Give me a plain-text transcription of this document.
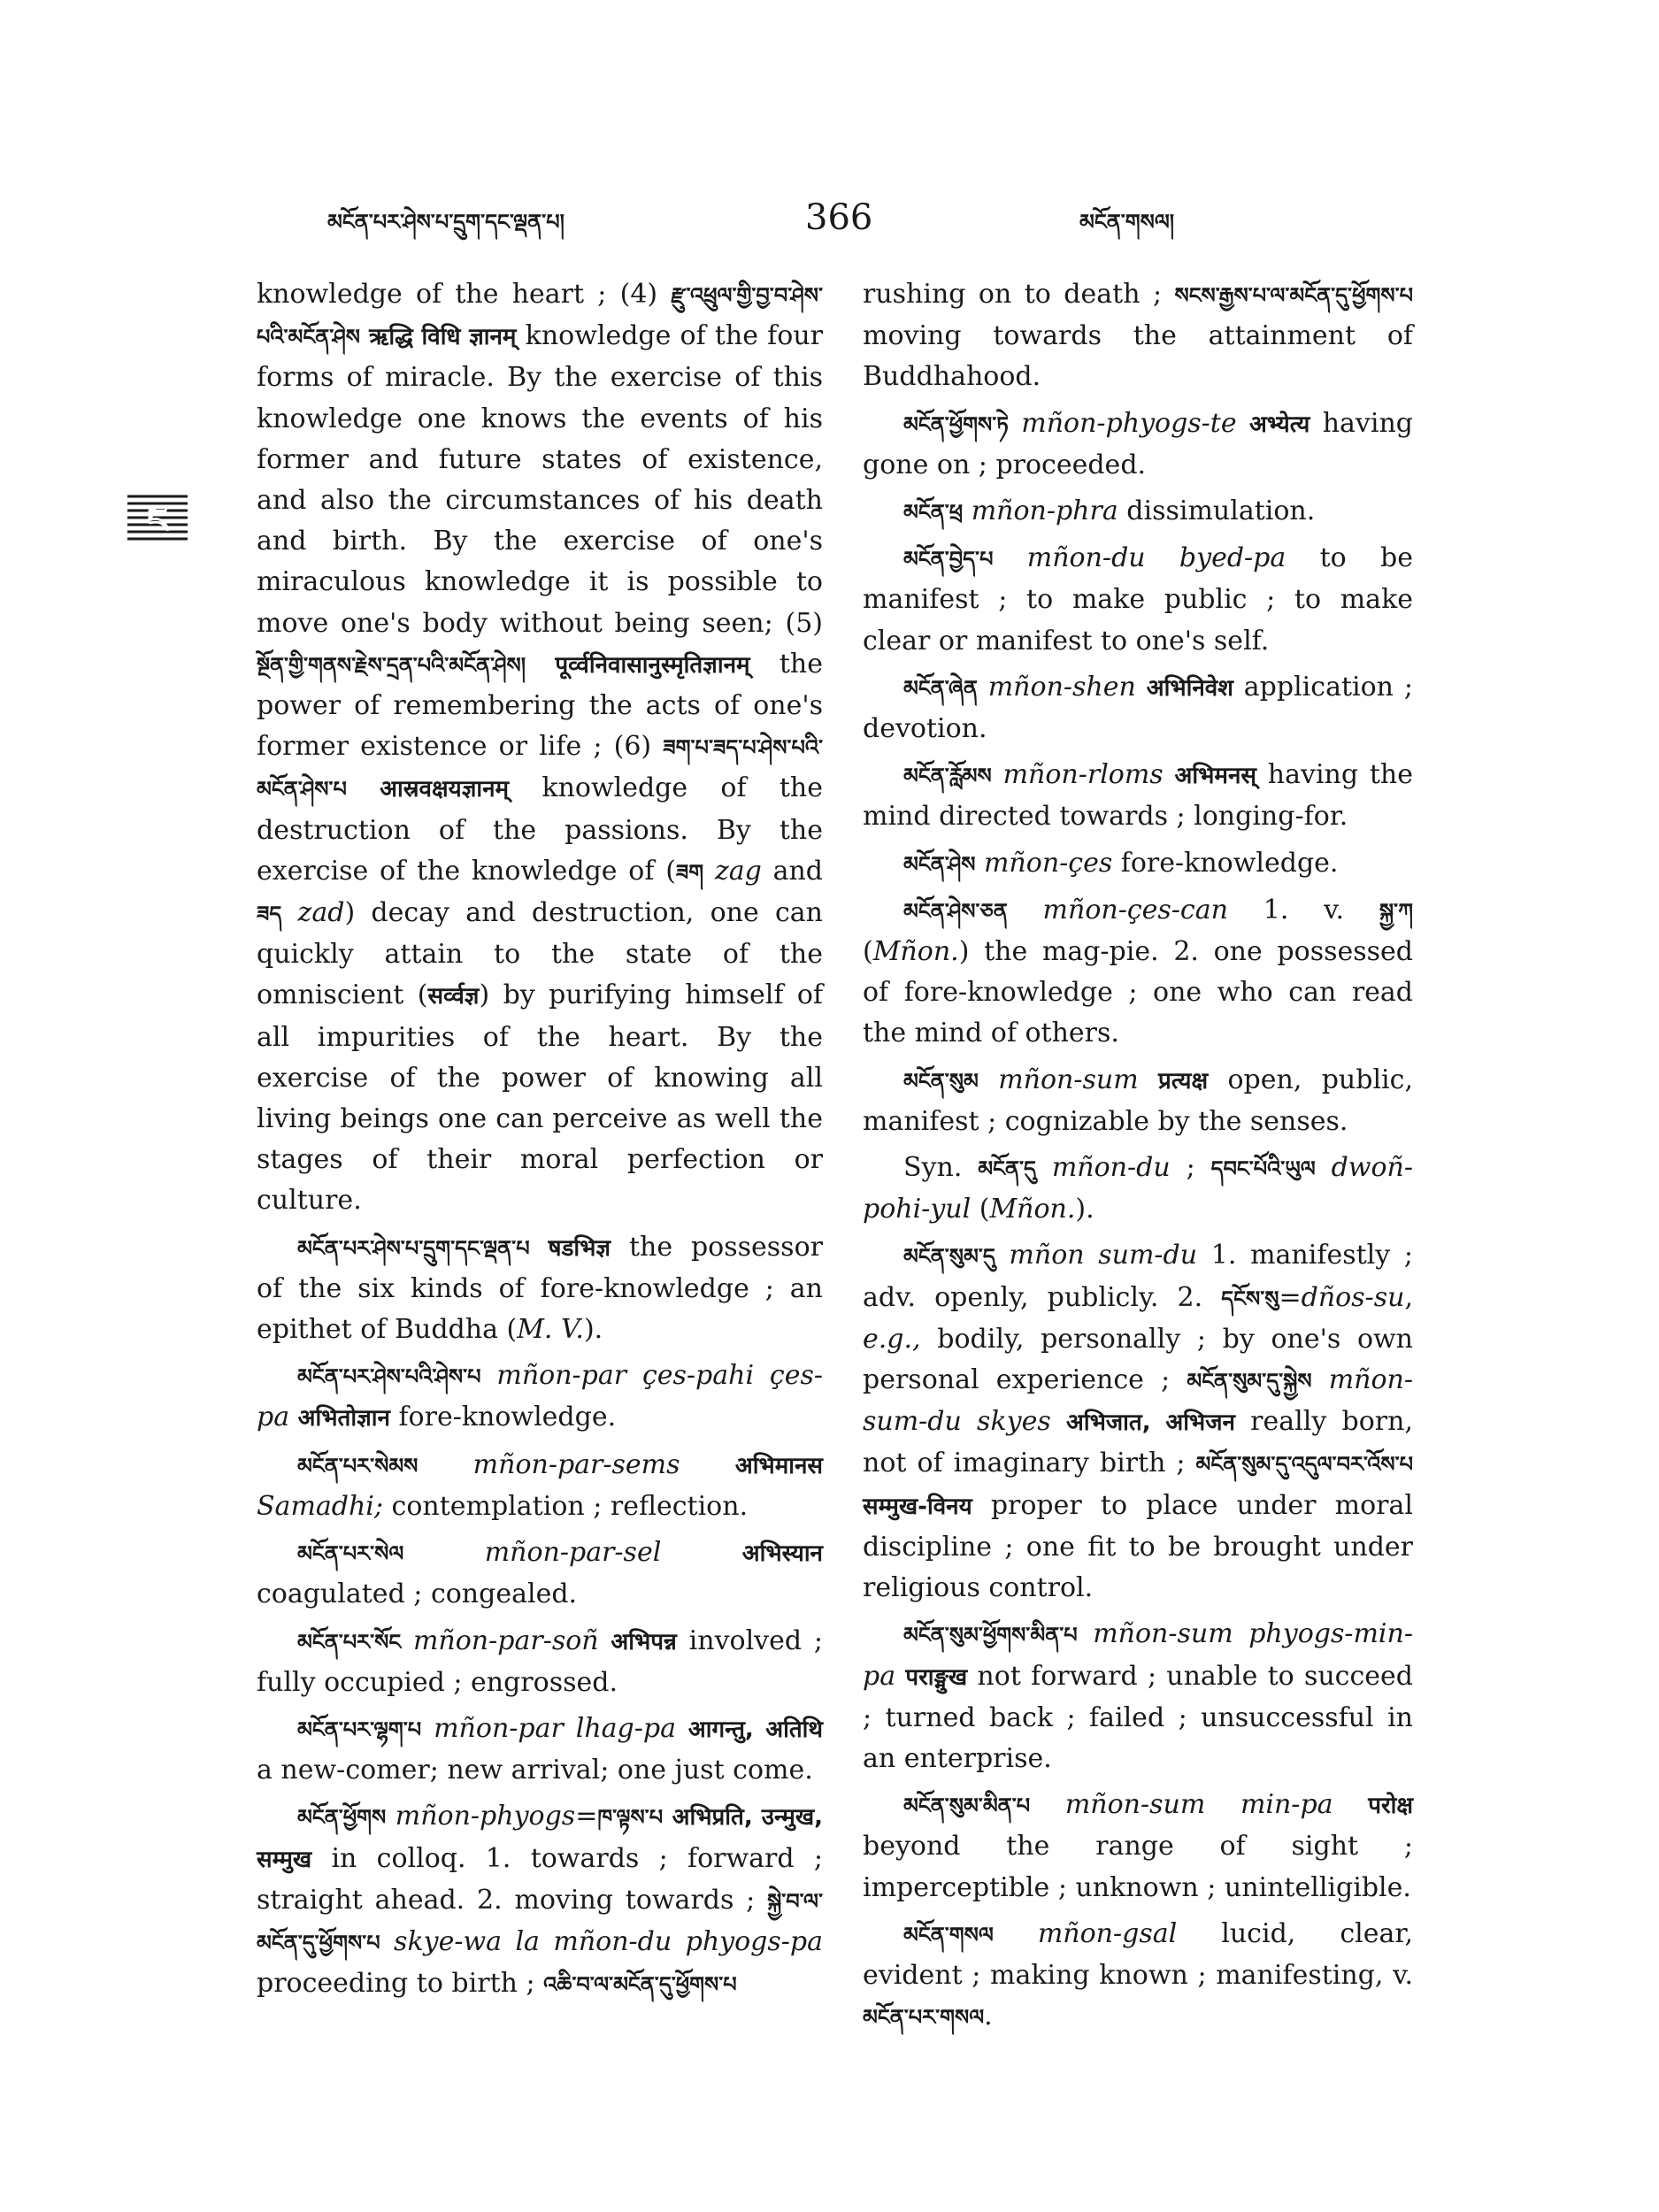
མངོན་པར་ཤེས་པ་དྲུག་དང་ལྡན་པ།	366	མངོན་གསལ།
ང

knowledge of the heart ; (4) རྫུ་འཕྲུལ་གྱི་བྱ་བ་ཤེས་པའི་མངོན་ཤེས ऋद्धि विधि ज्ञानम् knowledge of the four forms of miracle. By the exercise of this knowledge one knows the events of his former and future states of existence, and also the circumstances of his death and birth. By the exercise of one's miraculous knowledge it is possible to move one's body without being seen; (5) སྔོན་གྱི་གནས་རྗེས་དྲན་པའི་མངོན་ཤེས། पूर्व्वनिवासानुस्मृतिज्ञानम् the power of remembering the acts of one's former existence or life ; (6) ཟག་པ་ཟད་པ་ཤེས་པའི་མངོན་ཤེས་པ आस्रवक्षयज्ञानम् knowledge of the destruction of the passions. By the exercise of the knowledge of (ཟག zag and ཟད zad) decay and destruction, one can quickly attain to the state of the omniscient (सर्व्वज्ञ) by purifying himself of all impurities of the heart. By the exercise of the power of knowing all living beings one can perceive as well the stages of their moral perfection or culture.

མངོན་པར་ཤེས་པ་དྲུག་དང་ལྡན་པ षडभिज्ञ the possessor of the six kinds of fore-knowledge ; an epithet of Buddha (M. V.).

མངོན་པར་ཤེས་པའི་ཤེས་པ mñon-par çes-pahi çes-pa अभितोज्ञान fore-knowledge.

མངོན་པར་སེམས mñon-par-sems अभिमानस Samadhi; contemplation ; reflection.

མངོན་པར་སེལ	mñon-par-sel	अभिस्यान coagulated ; congealed.

མངོན་པར་སོང mñon-par-soñ अभिपन्न involved ; fully occupied ; engrossed.

མངོན་པར་ལྷག་པ mñon-par lhag-pa आगन्तु, अतिथि a new-comer; new arrival; one just come.

མངོན་ཕྱོགས mñon-phyogs=ཁ་ལྟས་པ अभिप्रति, उन्मुख, सम्मुख in colloq. 1. towards ; forward ; straight ahead. 2. moving towards ; སྐྱེ་བ་ལ་མངོན་དུ་ཕྱོགས་པ skye-wa la mñon-du phyogs-pa proceeding to birth ; འཆི་བ་ལ་མངོན་དུ་ཕྱོགས་པ

rushing on to death ; སངས་རྒྱས་པ་ལ་མངོན་དུ་ཕྱོགས་པ moving towards the attainment of Buddhahood.

མངོན་ཕྱོགས་ཏེ mñon-phyogs-te अभ्येत्य having gone on ; proceeded.

མངོན་ཕྲ mñon-phra dissimulation.

མངོན་བྱེད་པ mñon-du byed-pa to be manifest ; to make public ; to make clear or manifest to one's self.

མངོན་ཞེན mñon-shen अभिनिवेश application ; devotion.

མངོན་རློམས mñon-rloms अभिमनस् having the mind directed towards ; longing-for.

མངོན་ཤེས mñon-çes fore-knowledge.

མངོན་ཤེས་ཅན mñon-çes-can 1. v. སྐྱ་ཀ (Mñon.) the mag-pie. 2. one possessed of fore-knowledge ; one who can read the mind of others.

མངོན་སུམ mñon-sum प्रत्यक्ष open, public, manifest ; cognizable by the senses.

Syn. མངོན་དུ mñon-du ; དབང་པོའི་ཡུལ dwoñ-pohi-yul (Mñon.).

མངོན་སུམ་དུ mñon sum-du 1. manifestly ; adv. openly, publicly. 2. དངོས་སུ=dños-su, e.g., bodily, personally ; by one's own personal experience ; མངོན་སུམ་དུ་སྐྱེས mñon-sum-du skyes अभिजात, अभिजन really born, not of imaginary birth ; མངོན་སུམ་དུ་འདུལ་བར་འོས་པ सम्मुख-विनय proper to place under moral discipline ; one fit to be brought under religious control.

མངོན་སུམ་ཕྱོགས་མིན་པ mñon-sum phyogs-min-pa पराङ्मुख not forward ; unable to succeed ; turned back ; failed ; unsuccessful in an enterprise.

མངོན་སུམ་མིན་པ mñon-sum min-pa परोक्ष beyond the range of sight ; imperceptible ; unknown ; unintelligible.

མངོན་གསལ mñon-gsal lucid, clear, evident ; making known ; manifesting, v. མངོན་པར་གསལ.
